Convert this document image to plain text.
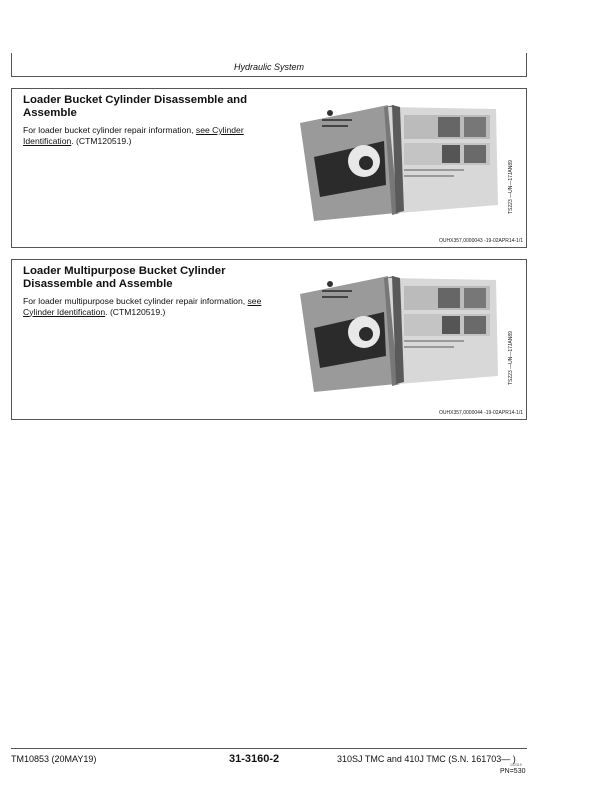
Hydraulic System
Loader Bucket Cylinder Disassemble and Assemble
For loader bucket cylinder repair information, see Cylinder Identification. (CTM120519.)
TS223 —UN—17JAN89
OUHX357,0000043 -19-02APR14-1/1
Loader Multipurpose Bucket Cylinder Disassemble and Assemble
For loader multipurpose bucket cylinder repair information, see Cylinder Identification. (CTM120519.)
TS223 —UN—17JAN89
OUHX357,0000044 -19-02APR14-1/1
TM10853 (20MAY19)	31-3160-2	310SJ TMC and 410J TMC (S.N. 161703— )
102319
PN=530
